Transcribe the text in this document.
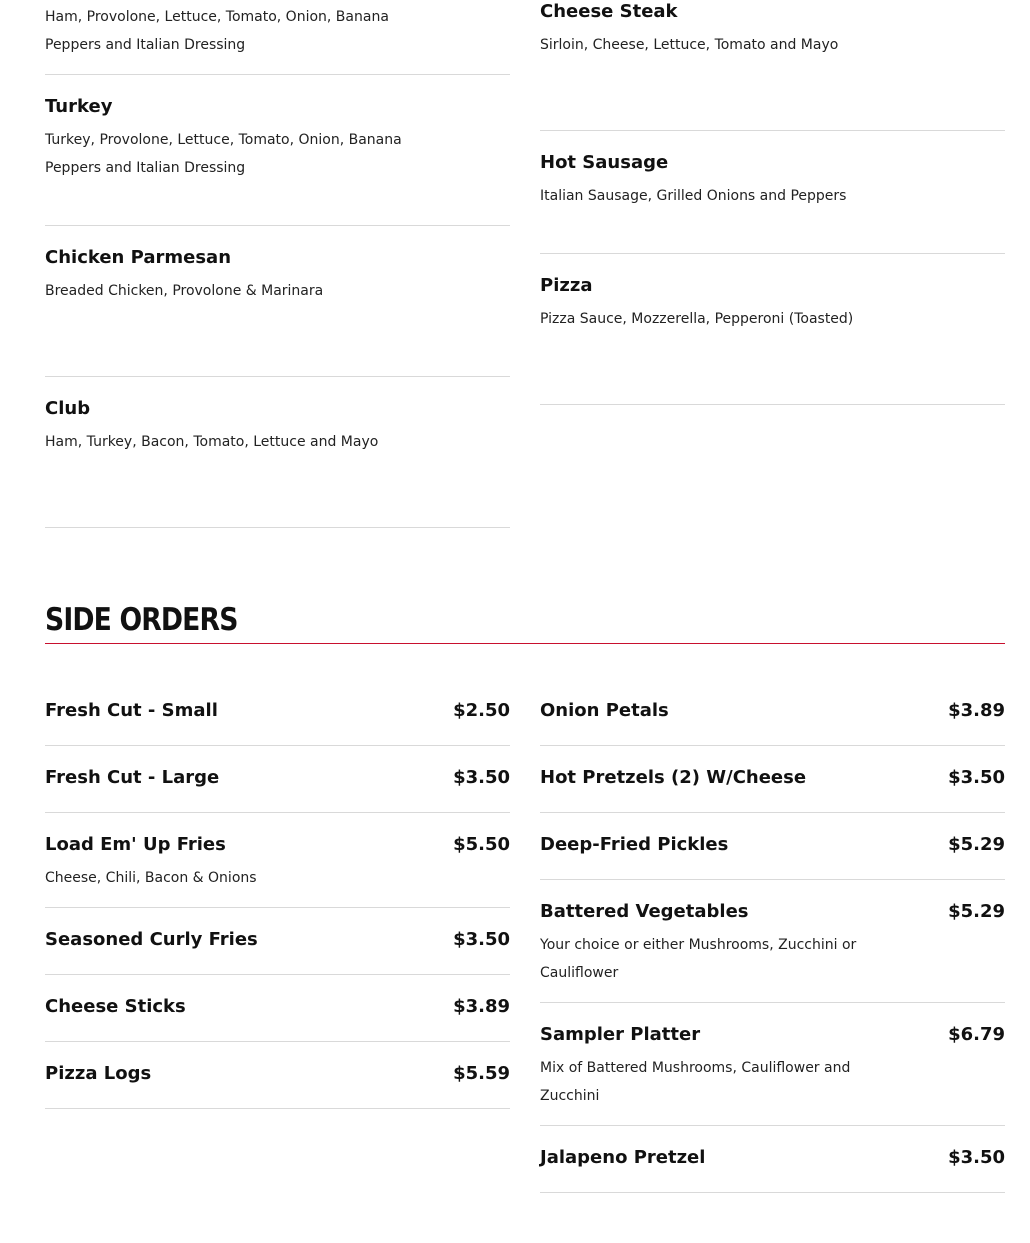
Ham, Provolone, Lettuce, Tomato, Onion, Banana Peppers and Italian Dressing
Turkey
Turkey, Provolone, Lettuce, Tomato, Onion, Banana Peppers and Italian Dressing
Chicken Parmesan
Breaded Chicken, Provolone & Marinara
Club
Ham, Turkey, Bacon, Tomato, Lettuce and Mayo
Cheese Steak
Sirloin, Cheese, Lettuce, Tomato and Mayo
Hot Sausage
Italian Sausage, Grilled Onions and Peppers
Pizza
Pizza Sauce, Mozzerella, Pepperoni (Toasted)
SIDE ORDERS
Fresh Cut - Small	$2.50
Fresh Cut - Large	$3.50
Load Em' Up Fries	$5.50
Cheese, Chili, Bacon & Onions
Seasoned Curly Fries	$3.50
Cheese Sticks	$3.89
Pizza Logs	$5.59
Onion Petals	$3.89
Hot Pretzels (2) W/Cheese	$3.50
Deep-Fried Pickles	$5.29
Battered Vegetables	$5.29
Your choice or either Mushrooms, Zucchini or Cauliflower
Sampler Platter	$6.79
Mix of Battered Mushrooms, Cauliflower and Zucchini
Jalapeno Pretzel	$3.50
